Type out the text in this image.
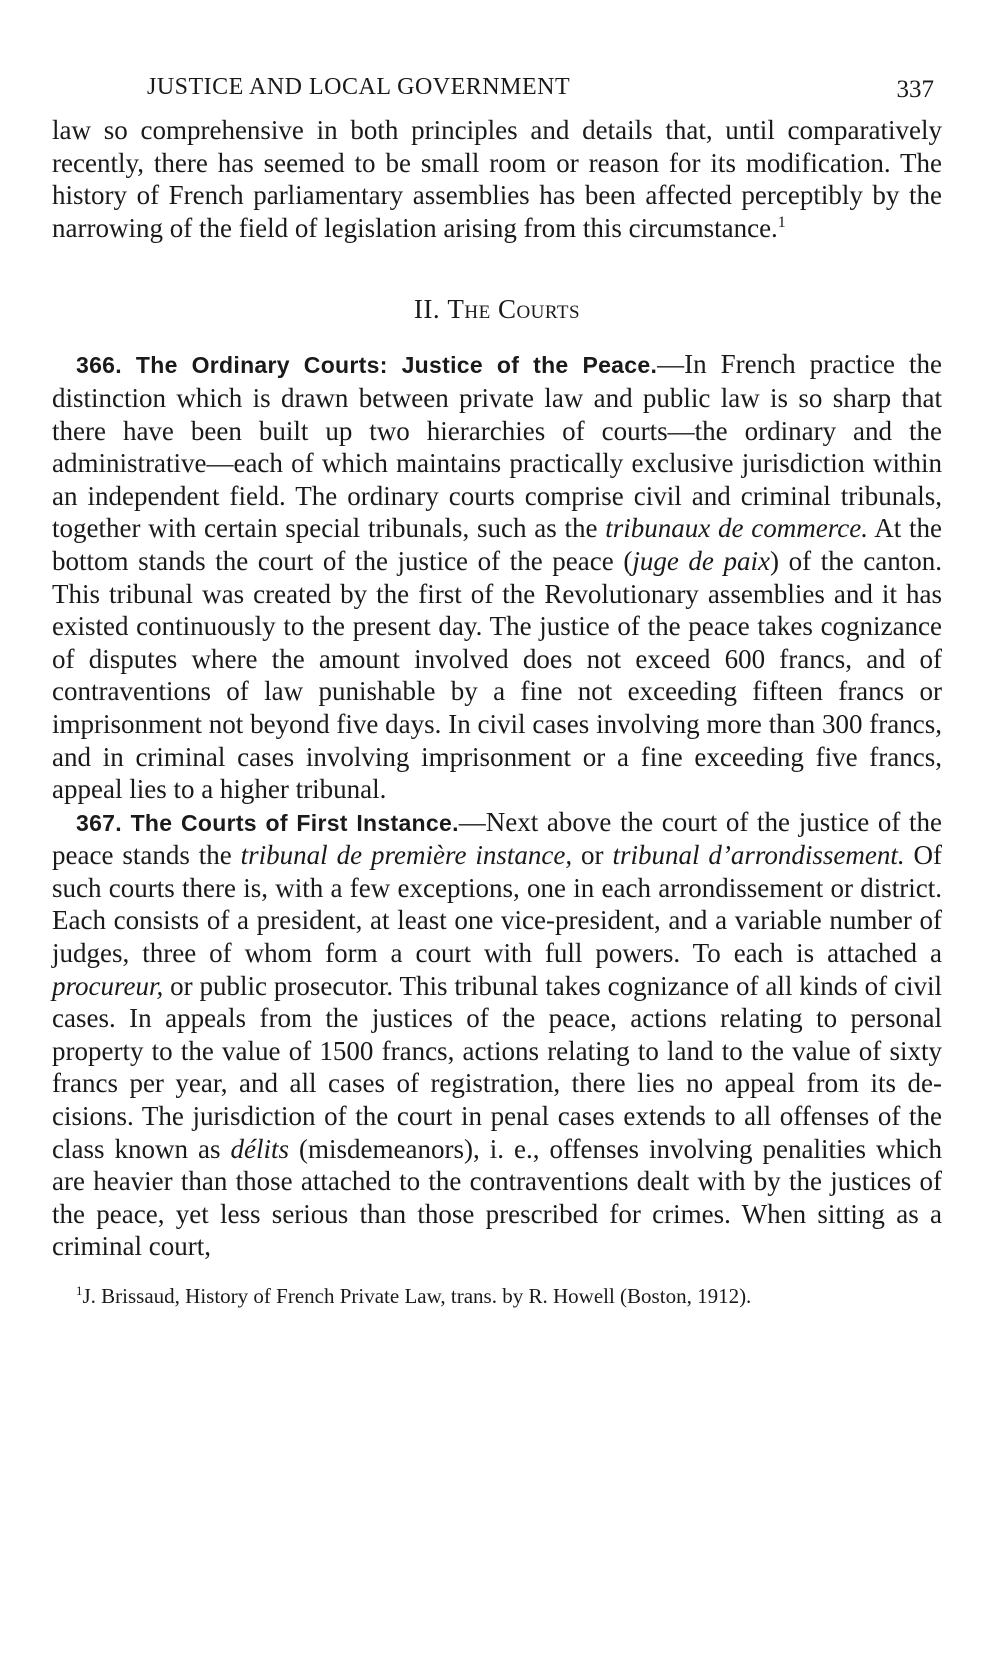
JUSTICE AND LOCAL GOVERNMENT	337

law so comprehensive in both principles and details that, until comparatively recently, there has seemed to be small room or reason for its modification. The history of French parliamentary assemblies has been affected perceptibly by the narrowing of the field of legislation arising from this circumstance.$^1$

II. The Courts

366. The Ordinary Courts: Justice of the Peace.—In French practice the distinction which is drawn between private law and public law is so sharp that there have been built up two hierarchies of courts—the ordinary and the administrative—each of which maintains practically exclusive jurisdiction within an independent field. The ordinary courts comprise civil and criminal tribunals, together with certain special tribunals, such as the tribunaux de commerce. At the bottom stands the court of the justice of the peace (juge de paix) of the canton. This tribunal was created by the first of the Revolutionary assemblies and it has existed continuously to the present day. The justice of the peace takes cognizance of disputes where the amount involved does not exceed 600 francs, and of contraventions of law punishable by a fine not exceeding fifteen francs or imprisonment not beyond five days. In civil cases involving more than 300 francs, and in criminal cases involving imprisonment or a fine exceeding five francs, appeal lies to a higher tribunal.

367. The Courts of First Instance.—Next above the court of the justice of the peace stands the tribunal de première instance, or tribunal d’arrondissement. Of such courts there is, with a few exceptions, one in each arrondissement or district. Each consists of a president, at least one vice-president, and a variable number of judges, three of whom form a court with full powers. To each is attached a procureur, or public prosecutor. This tribunal takes cognizance of all kinds of civil cases. In appeals from the justices of the peace, actions relating to personal property to the value of 1500 francs, actions relating to land to the value of sixty francs per year, and all cases of registration, there lies no appeal from its decisions. The jurisdiction of the court in penal cases extends to all offenses of the class known as délits (misdemeanors), i. e., offenses involving penalities which are heavier than those attached to the contraventions dealt with by the justices of the peace, yet less serious than those prescribed for crimes. When sitting as a criminal court,

$^1$J. Brissaud, History of French Private Law, trans. by R. Howell (Boston, 1912).
